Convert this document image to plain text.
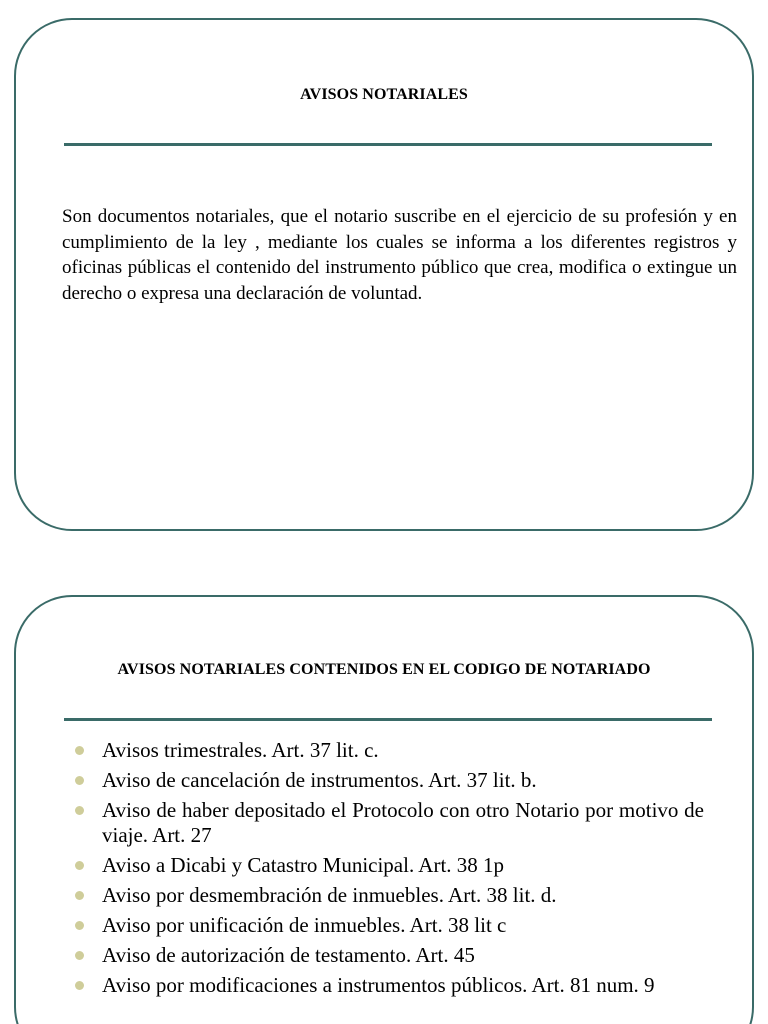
AVISOS NOTARIALES

Son documentos notariales, que el notario suscribe en el ejercicio de su profesión y en cumplimiento de la ley , mediante los cuales se informa a los diferentes registros y oficinas públicas el contenido del instrumento público que crea, modifica o extingue un derecho o expresa una declaración de voluntad.

AVISOS NOTARIALES CONTENIDOS EN EL CODIGO DE NOTARIADO
Avisos trimestrales. Art. 37 lit. c.
Aviso de cancelación de instrumentos. Art. 37 lit. b.
Aviso de haber depositado el Protocolo con otro Notario por motivo de viaje. Art. 27
Aviso a Dicabi y Catastro Municipal. Art. 38 1p
Aviso por desmembración de inmuebles. Art. 38 lit. d.
Aviso por unificación de inmuebles. Art. 38 lit c
Aviso de autorización de testamento. Art. 45
Aviso por modificaciones a instrumentos públicos. Art. 81 num. 9
